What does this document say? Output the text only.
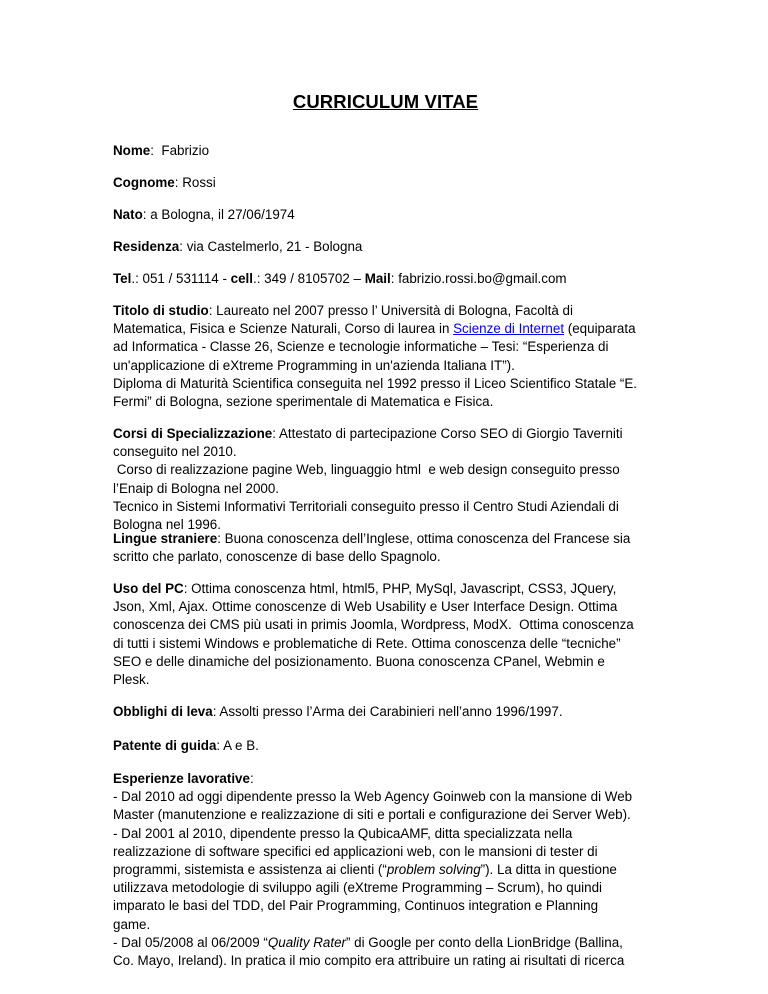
CURRICULUM VITAE

Nome:  Fabrizio

Cognome: Rossi

Nato: a Bologna, il 27/06/1974

Residenza: via Castelmerlo, 21 - Bologna

Tel.: 051 / 531114 - cell.: 349 / 8105702 – Mail: fabrizio.rossi.bo@gmail.com

Titolo di studio: Laureato nel 2007 presso l’ Università di Bologna, Facoltà di
Matematica, Fisica e Scienze Naturali, Corso di laurea in Scienze di Internet (equiparata
ad Informatica - Classe 26, Scienze e tecnologie informatiche – Tesi: “Esperienza di
un'applicazione di eXtreme Programming in un'azienda Italiana IT”).
Diploma di Maturità Scientifica conseguita nel 1992 presso il Liceo Scientifico Statale “E.
Fermi” di Bologna, sezione sperimentale di Matematica e Fisica.

Corsi di Specializzazione: Attestato di partecipazione Corso SEO di Giorgio Taverniti
conseguito nel 2010.
Corso di realizzazione pagine Web, linguaggio html  e web design conseguito presso
l’Enaip di Bologna nel 2000.
Tecnico in Sistemi Informativi Territoriali conseguito presso il Centro Studi Aziendali di
Bologna nel 1996.

Lingue straniere: Buona conoscenza dell’Inglese, ottima conoscenza del Francese sia
scritto che parlato, conoscenze di base dello Spagnolo.

Uso del PC: Ottima conoscenza html, html5, PHP, MySql, Javascript, CSS3, JQuery,
Json, Xml, Ajax. Ottime conoscenze di Web Usability e User Interface Design. Ottima
conoscenza dei CMS più usati in primis Joomla, Wordpress, ModX.  Ottima conoscenza
di tutti i sistemi Windows e problematiche di Rete. Ottima conoscenza delle “tecniche”
SEO e delle dinamiche del posizionamento. Buona conoscenza CPanel, Webmin e
Plesk.

Obblighi di leva: Assolti presso l’Arma dei Carabinieri nell’anno 1996/1997.

Patente di guida: A e B.

Esperienze lavorative:
- Dal 2010 ad oggi dipendente presso la Web Agency Goinweb con la mansione di Web
Master (manutenzione e realizzazione di siti e portali e configurazione dei Server Web).
- Dal 2001 al 2010, dipendente presso la QubicaAMF, ditta specializzata nella
realizzazione di software specifici ed applicazioni web, con le mansioni di tester di
programmi, sistemista e assistenza ai clienti (“problem solving”). La ditta in questione
utilizzava metodologie di sviluppo agili (eXtreme Programming – Scrum), ho quindi
imparato le basi del TDD, del Pair Programming, Continuos integration e Planning
game.
- Dal 05/2008 al 06/2009 “Quality Rater” di Google per conto della LionBridge (Ballina,
Co. Mayo, Ireland). In pratica il mio compito era attribuire un rating ai risultati di ricerca
